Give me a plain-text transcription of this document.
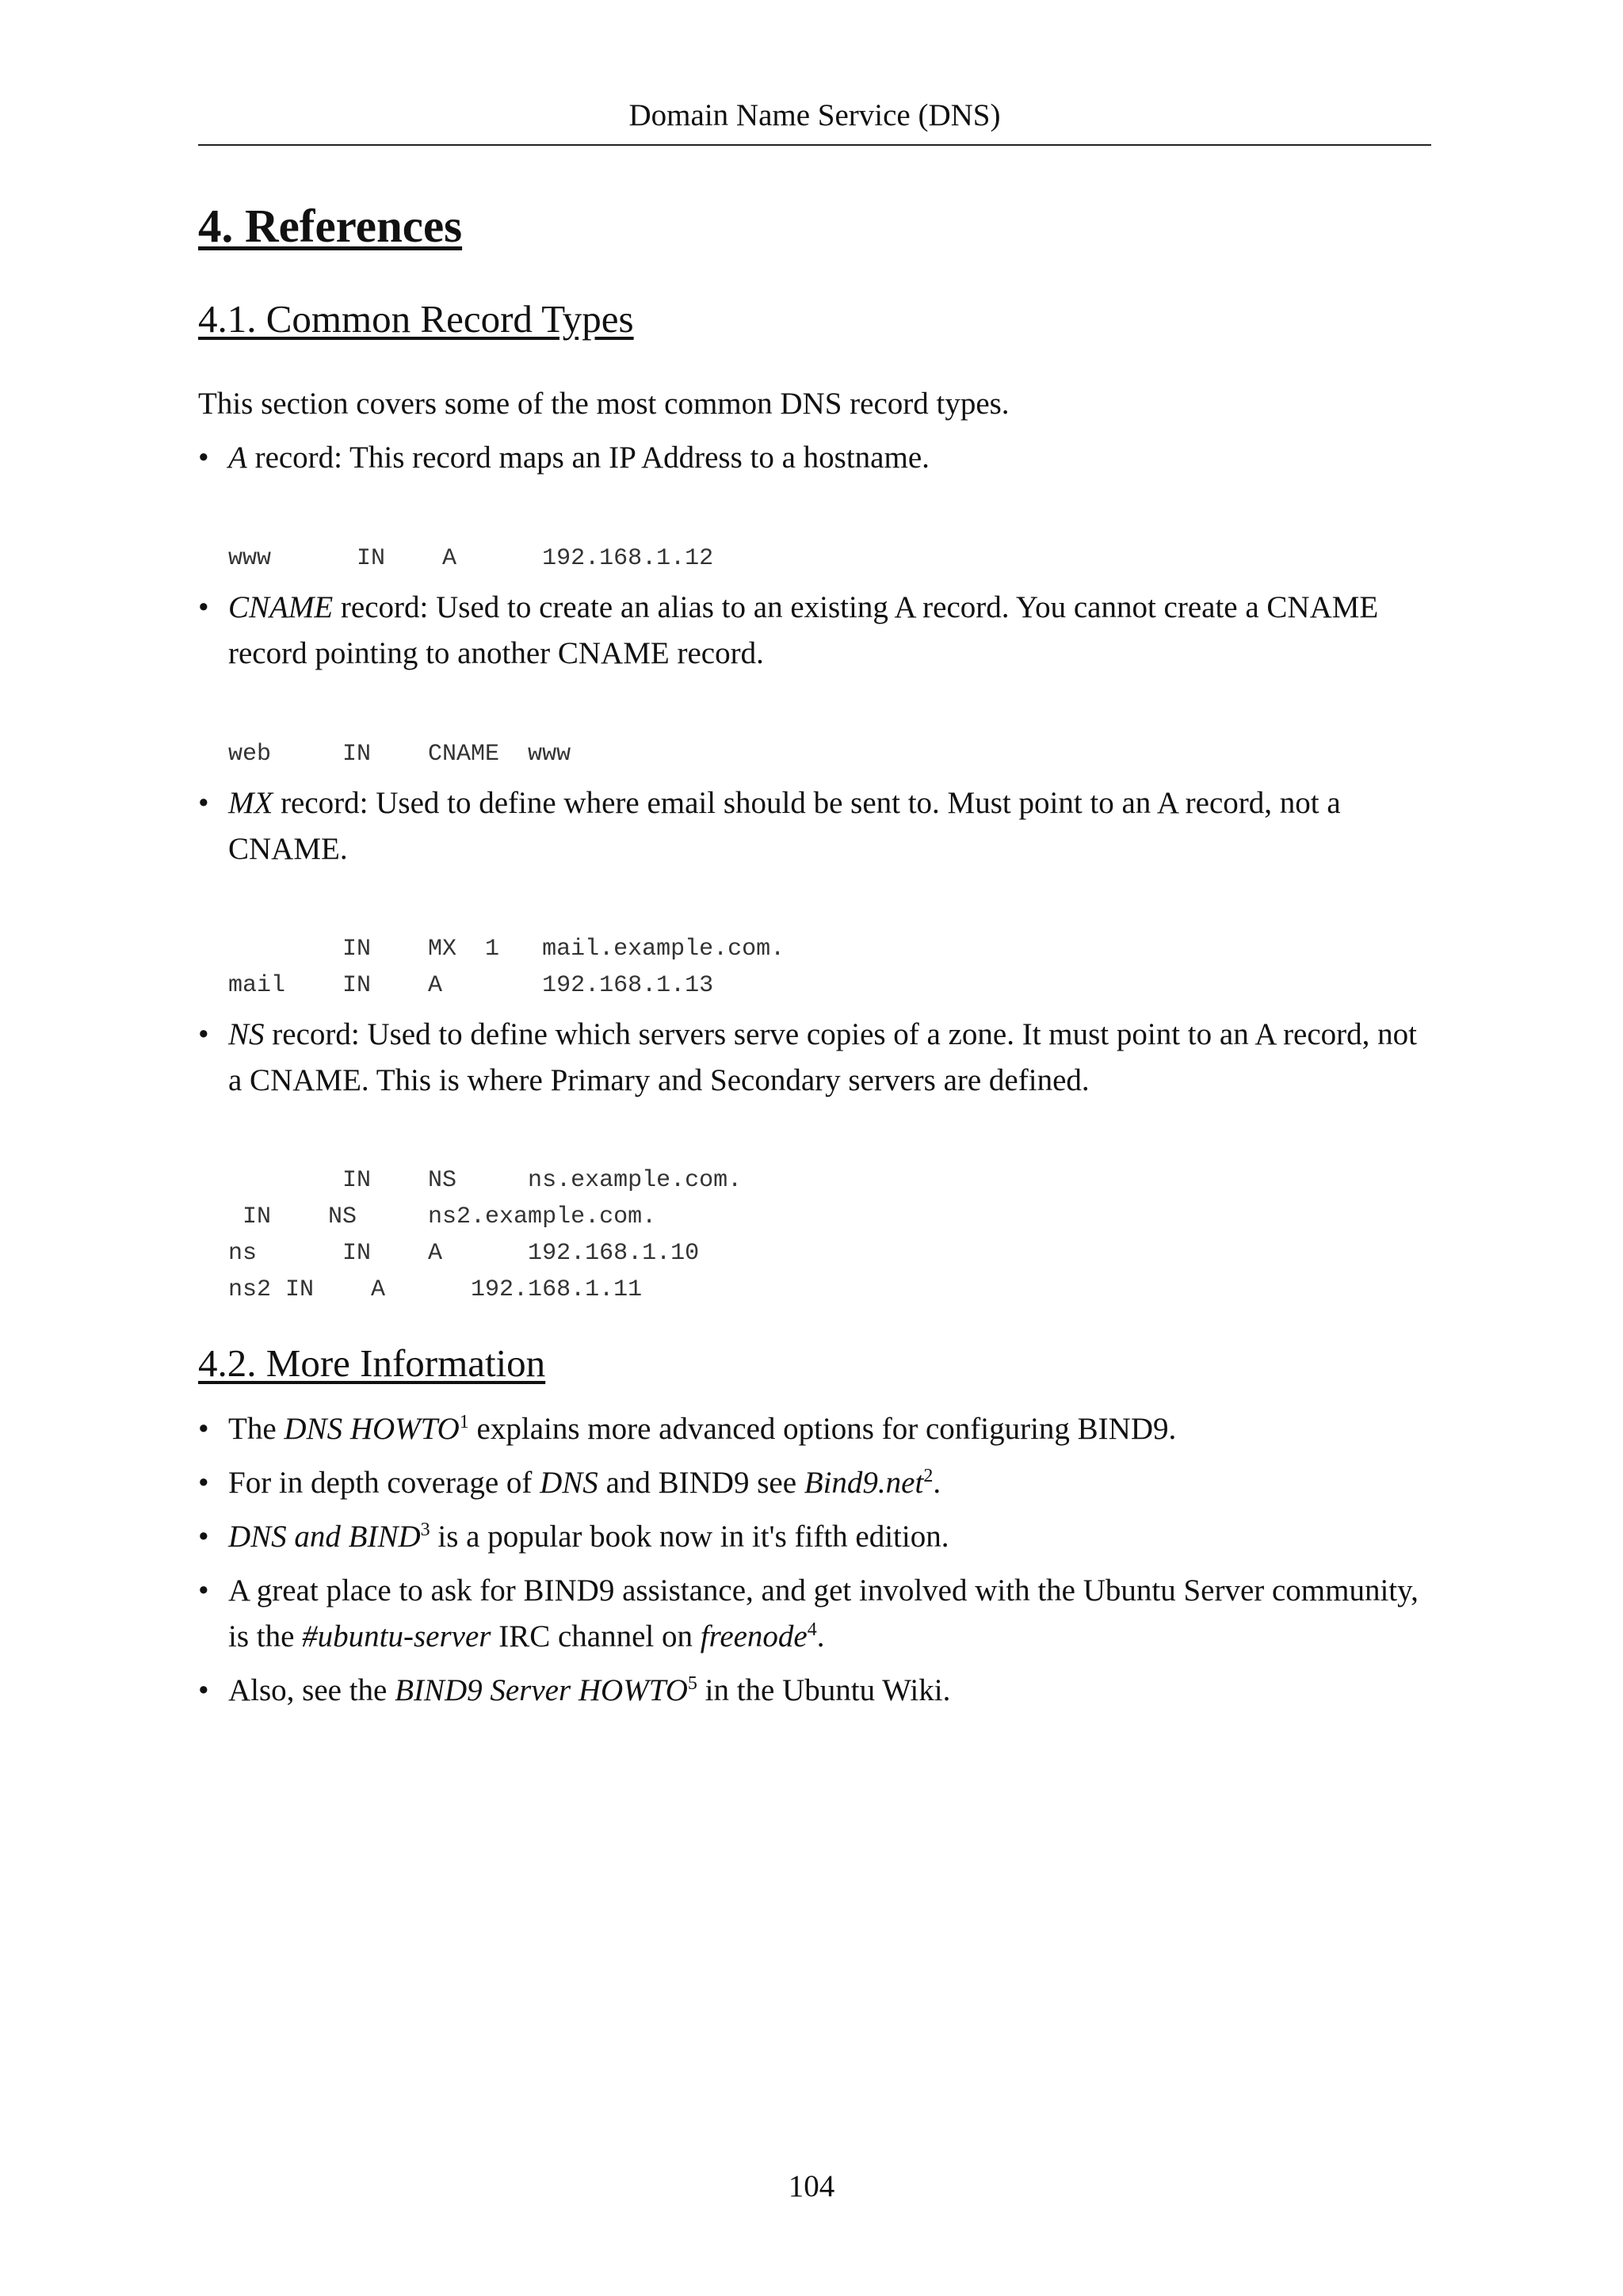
Domain Name Service (DNS)
4. References
4.1. Common Record Types

This section covers some of the most common DNS record types.

• A record: This record maps an IP Address to a hostname.
www      IN    A      192.168.1.12
• CNAME record: Used to create an alias to an existing A record. You cannot create a CNAME record pointing to another CNAME record.
web     IN    CNAME  www
• MX record: Used to define where email should be sent to. Must point to an A record, not a CNAME.
IN    MX  1   mail.example.com.
mail    IN    A       192.168.1.13
• NS record: Used to define which servers serve copies of a zone. It must point to an A record, not a CNAME. This is where Primary and Secondary servers are defined.
IN    NS     ns.example.com.
IN    NS     ns2.example.com.
ns      IN    A      192.168.1.10
ns2 IN    A      192.168.1.11
4.2. More Information
• The DNS HOWTO$^1$ explains more advanced options for configuring BIND9.
• For in depth coverage of DNS and BIND9 see Bind9.net$^2$.
• DNS and BIND$^3$ is a popular book now in it's fifth edition.
• A great place to ask for BIND9 assistance, and get involved with the Ubuntu Server community, is the #ubuntu-server IRC channel on freenode$^4$.
• Also, see the BIND9 Server HOWTO$^5$ in the Ubuntu Wiki.
104
